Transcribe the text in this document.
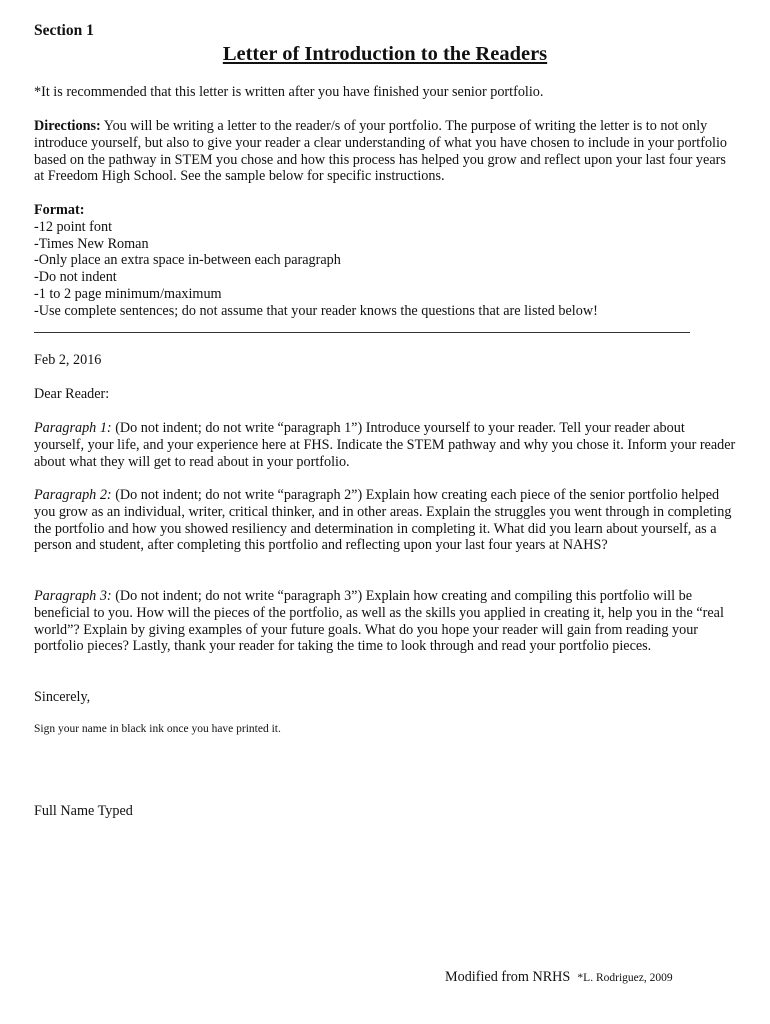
Section 1

Letter of Introduction to the Readers

*It is recommended that this letter is written after you have finished your senior portfolio.

Directions: You will be writing a letter to the reader/s of your portfolio. The purpose of writing the letter is to not only introduce yourself, but also to give your reader a clear understanding of what you have chosen to include in your portfolio based on the pathway in STEM you chose and how this process has helped you grow and reflect upon your last four years at Freedom High School. See the sample below for specific instructions.

Format:
-12 point font
-Times New Roman
-Only place an extra space in-between each paragraph
-Do not indent
-1 to 2 page minimum/maximum
-Use complete sentences; do not assume that your reader knows the questions that are listed below!

Feb 2, 2016

Dear Reader:

Paragraph 1: (Do not indent; do not write “paragraph 1”) Introduce yourself to your reader. Tell your reader about yourself, your life, and your experience here at FHS. Indicate the STEM pathway and why you chose it. Inform your reader about what they will get to read about in your portfolio.

Paragraph 2: (Do not indent; do not write “paragraph 2”) Explain how creating each piece of the senior portfolio helped you grow as an individual, writer, critical thinker, and in other areas. Explain the struggles you went through in completing the portfolio and how you showed resiliency and determination in completing it. What did you learn about yourself, as a person and student, after completing this portfolio and reflecting upon your last four years at NAHS?

Paragraph 3: (Do not indent; do not write “paragraph 3”) Explain how creating and compiling this portfolio will be beneficial to you. How will the pieces of the portfolio, as well as the skills you applied in creating it, help you in the “real world”? Explain by giving examples of your future goals. What do you hope your reader will gain from reading your portfolio pieces? Lastly, thank your reader for taking the time to look through and read your portfolio pieces.

Sincerely,

Sign your name in black ink once you have printed it.

Full Name Typed

Modified from NRHS *L. Rodriguez, 2009
